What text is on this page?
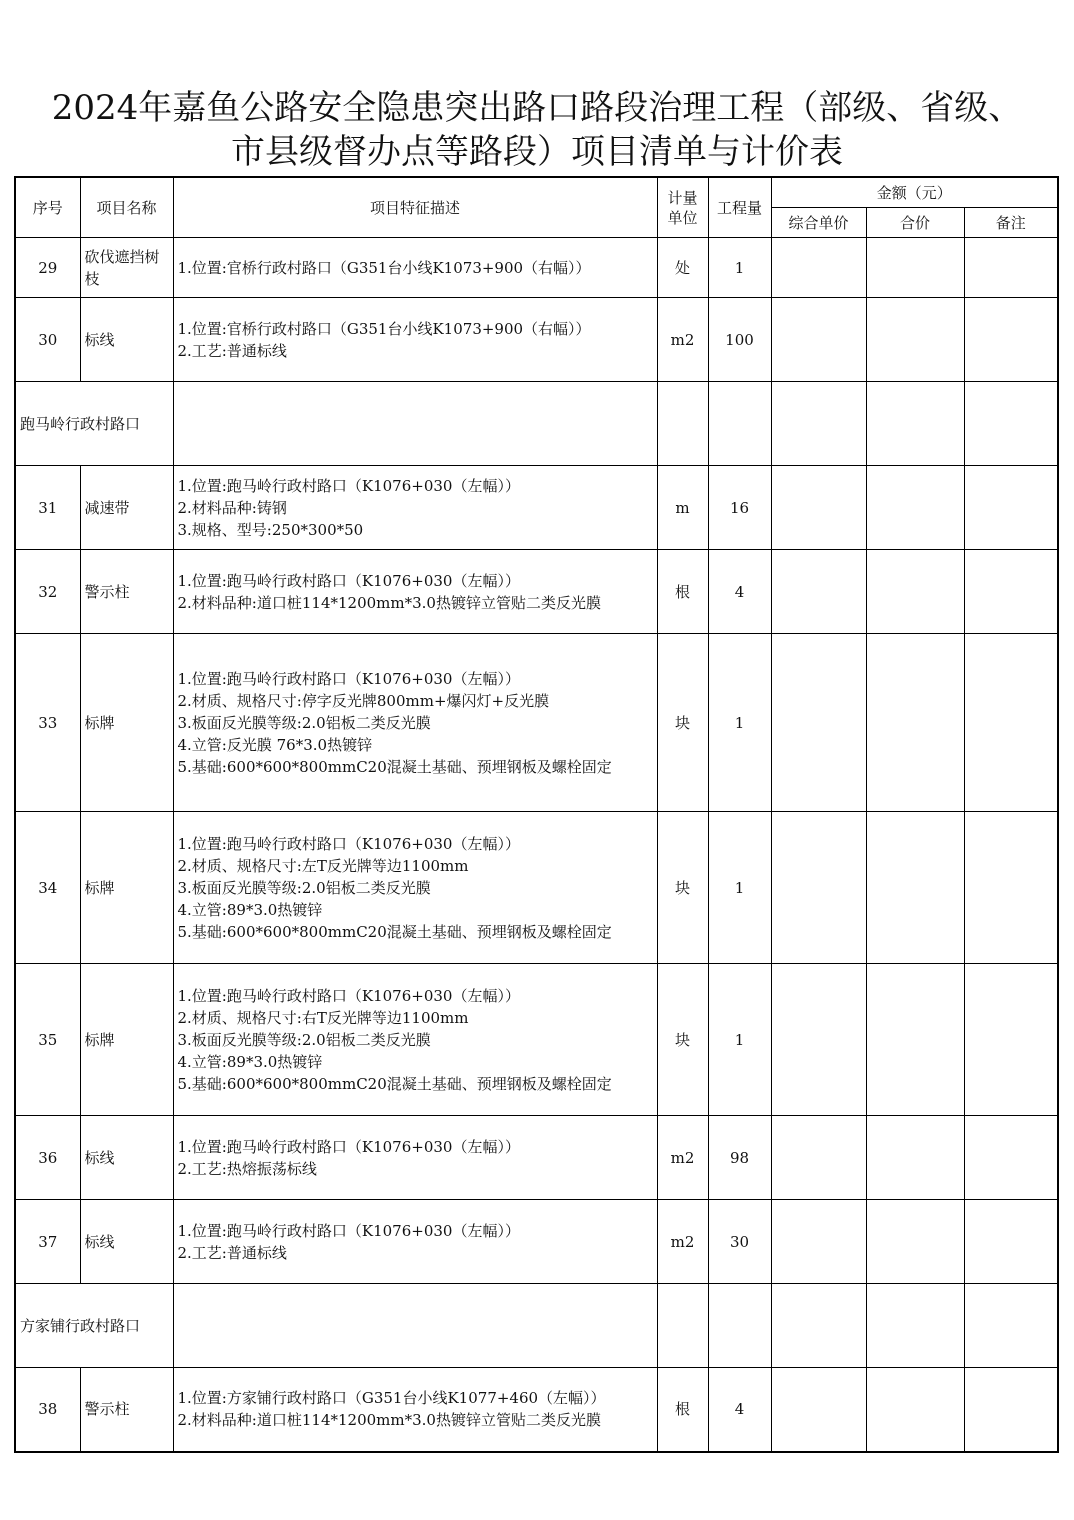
2024年嘉鱼公路安全隐患突出路口路段治理工程（部级、省级、
市县级督办点等路段）项目清单与计价表
序号	项目名称	项目特征描述	计量单位	工程量	金额（元）		
					综合单价	合价	备注
29	砍伐遮挡树枝	1.位置:官桥行政村路口（G351台小线K1073+900（右幅））	处	1			
30	标线	1.位置:官桥行政村路口（G351台小线K1073+900（右幅））
2.工艺:普通标线	m2	100			
跑马岭行政村路口							
31	减速带	1.位置:跑马岭行政村路口（K1076+030（左幅））
2.材料品种:铸钢
3.规格、型号:250*300*50	m	16			
32	警示柱	1.位置:跑马岭行政村路口（K1076+030（左幅））
2.材料品种:道口桩114*1200mm*3.0热镀锌立管贴二类反光膜	根	4			
33	标牌	1.位置:跑马岭行政村路口（K1076+030（左幅））
2.材质、规格尺寸:停字反光牌800mm+爆闪灯+反光膜
3.板面反光膜等级:2.0铝板二类反光膜
4.立管:反光膜 76*3.0热镀锌
5.基础:600*600*800mmC20混凝土基础、预埋钢板及螺栓固定	块	1			
34	标牌	1.位置:跑马岭行政村路口（K1076+030（左幅））
2.材质、规格尺寸:左T反光牌等边1100mm
3.板面反光膜等级:2.0铝板二类反光膜
4.立管:89*3.0热镀锌
5.基础:600*600*800mmC20混凝土基础、预埋钢板及螺栓固定	块	1			
35	标牌	1.位置:跑马岭行政村路口（K1076+030（左幅））
2.材质、规格尺寸:右T反光牌等边1100mm
3.板面反光膜等级:2.0铝板二类反光膜
4.立管:89*3.0热镀锌
5.基础:600*600*800mmC20混凝土基础、预埋钢板及螺栓固定	块	1			
36	标线	1.位置:跑马岭行政村路口（K1076+030（左幅））
2.工艺:热熔振荡标线	m2	98			
37	标线	1.位置:跑马岭行政村路口（K1076+030（左幅））
2.工艺:普通标线	m2	30			
方家铺行政村路口							
38	警示柱	1.位置:方家铺行政村路口（G351台小线K1077+460（左幅））
2.材料品种:道口桩114*1200mm*3.0热镀锌立管贴二类反光膜	根	4			
